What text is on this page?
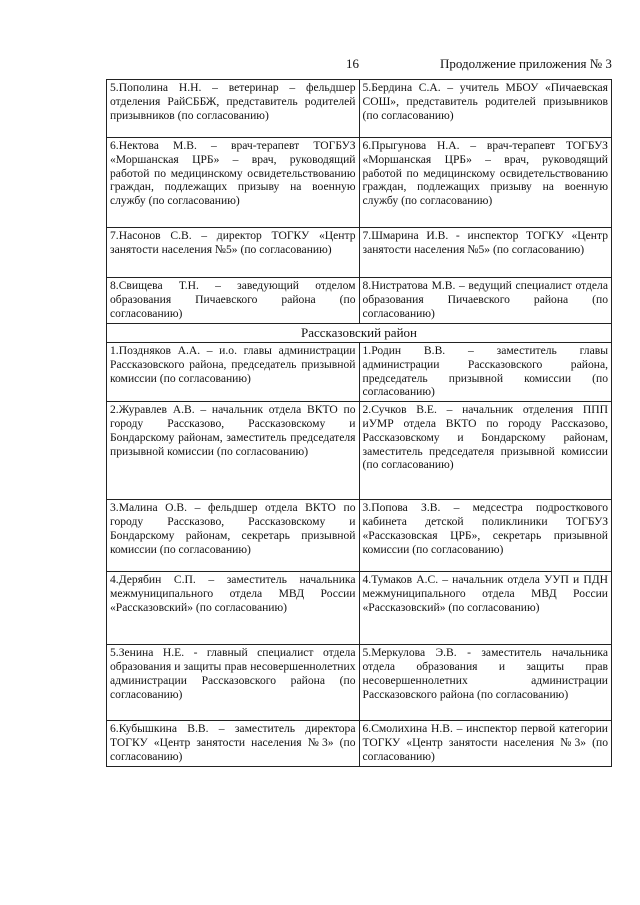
16	Продолжение приложения № 3
5.Пополина Н.Н. – ветеринар – фельдшер отделения РайСББЖ, представитель родителей призывников (по согласованию)	5.Бердина С.А. – учитель МБОУ «Пичаевская СОШ», представитель родителей призывников (по согласованию)
6.Нектова М.В. – врач-терапевт ТОГБУЗ «Моршанская ЦРБ» – врач, руководящий работой по медицинскому освидетельствованию граждан, подлежащих призыву на военную службу (по согласованию)	6.Прыгунова Н.А. – врач-терапевт ТОГБУЗ «Моршанская ЦРБ» – врач, руководящий работой по медицинскому освидетельствованию граждан, подлежащих призыву на военную службу (по согласованию)
7.Насонов С.В. – директор ТОГКУ «Центр занятости населения №5» (по согласованию)	7.Шмарина И.В. - инспектор ТОГКУ «Центр занятости населения №5» (по согласованию)
8.Свищева Т.Н. – заведующий отделом образования Пичаевского района (по согласованию)	8.Нистратова М.В. – ведущий специалист отдела образования Пичаевского района (по согласованию)
Рассказовский район	
1.Поздняков А.А. – и.о. главы администрации Рассказовского района, председатель призывной комиссии (по согласованию)	1.Родин В.В. – заместитель главы администрации Рассказовского района, председатель призывной комиссии (по согласованию)
2.Журавлев А.В. – начальник отдела ВКТО по городу Рассказово, Рассказовскому и Бондарскому районам, заместитель председателя призывной комиссии (по согласованию)	2.Сучков В.Е. – начальник отделения ППП иУМР отдела ВКТО по городу Рассказово, Рассказовскому и Бондарскому районам, заместитель председателя призывной комиссии (по согласованию)
3.Малина О.В. – фельдшер отдела ВКТО по городу Рассказово, Рассказовскому и Бондарскому районам, секретарь призывной комиссии (по согласованию)	3.Попова З.В. – медсестра подросткового кабинета детской поликлиники ТОГБУЗ «Рассказовская ЦРБ», секретарь призывной комиссии (по согласованию)
4.Дерябин С.П. – заместитель начальника межмуниципального отдела МВД России «Рассказовский» (по согласованию)	4.Тумаков А.С. – начальник отдела УУП и ПДН межмуниципального отдела МВД России «Рассказовский» (по согласованию)
5.Зенина Н.Е. - главный специалист отдела образования и защиты прав несовершеннолетних администрации Рассказовского района (по согласованию)	5.Меркулова Э.В. - заместитель начальника отдела образования и защиты прав несовершеннолетних администрации Рассказовского района (по согласованию)
6.Кубышкина В.В. – заместитель директора ТОГКУ «Центр занятости населения №3» (по согласованию)	6.Смолихина Н.В. – инспектор первой категории ТОГКУ «Центр занятости населения №3» (по согласованию)
